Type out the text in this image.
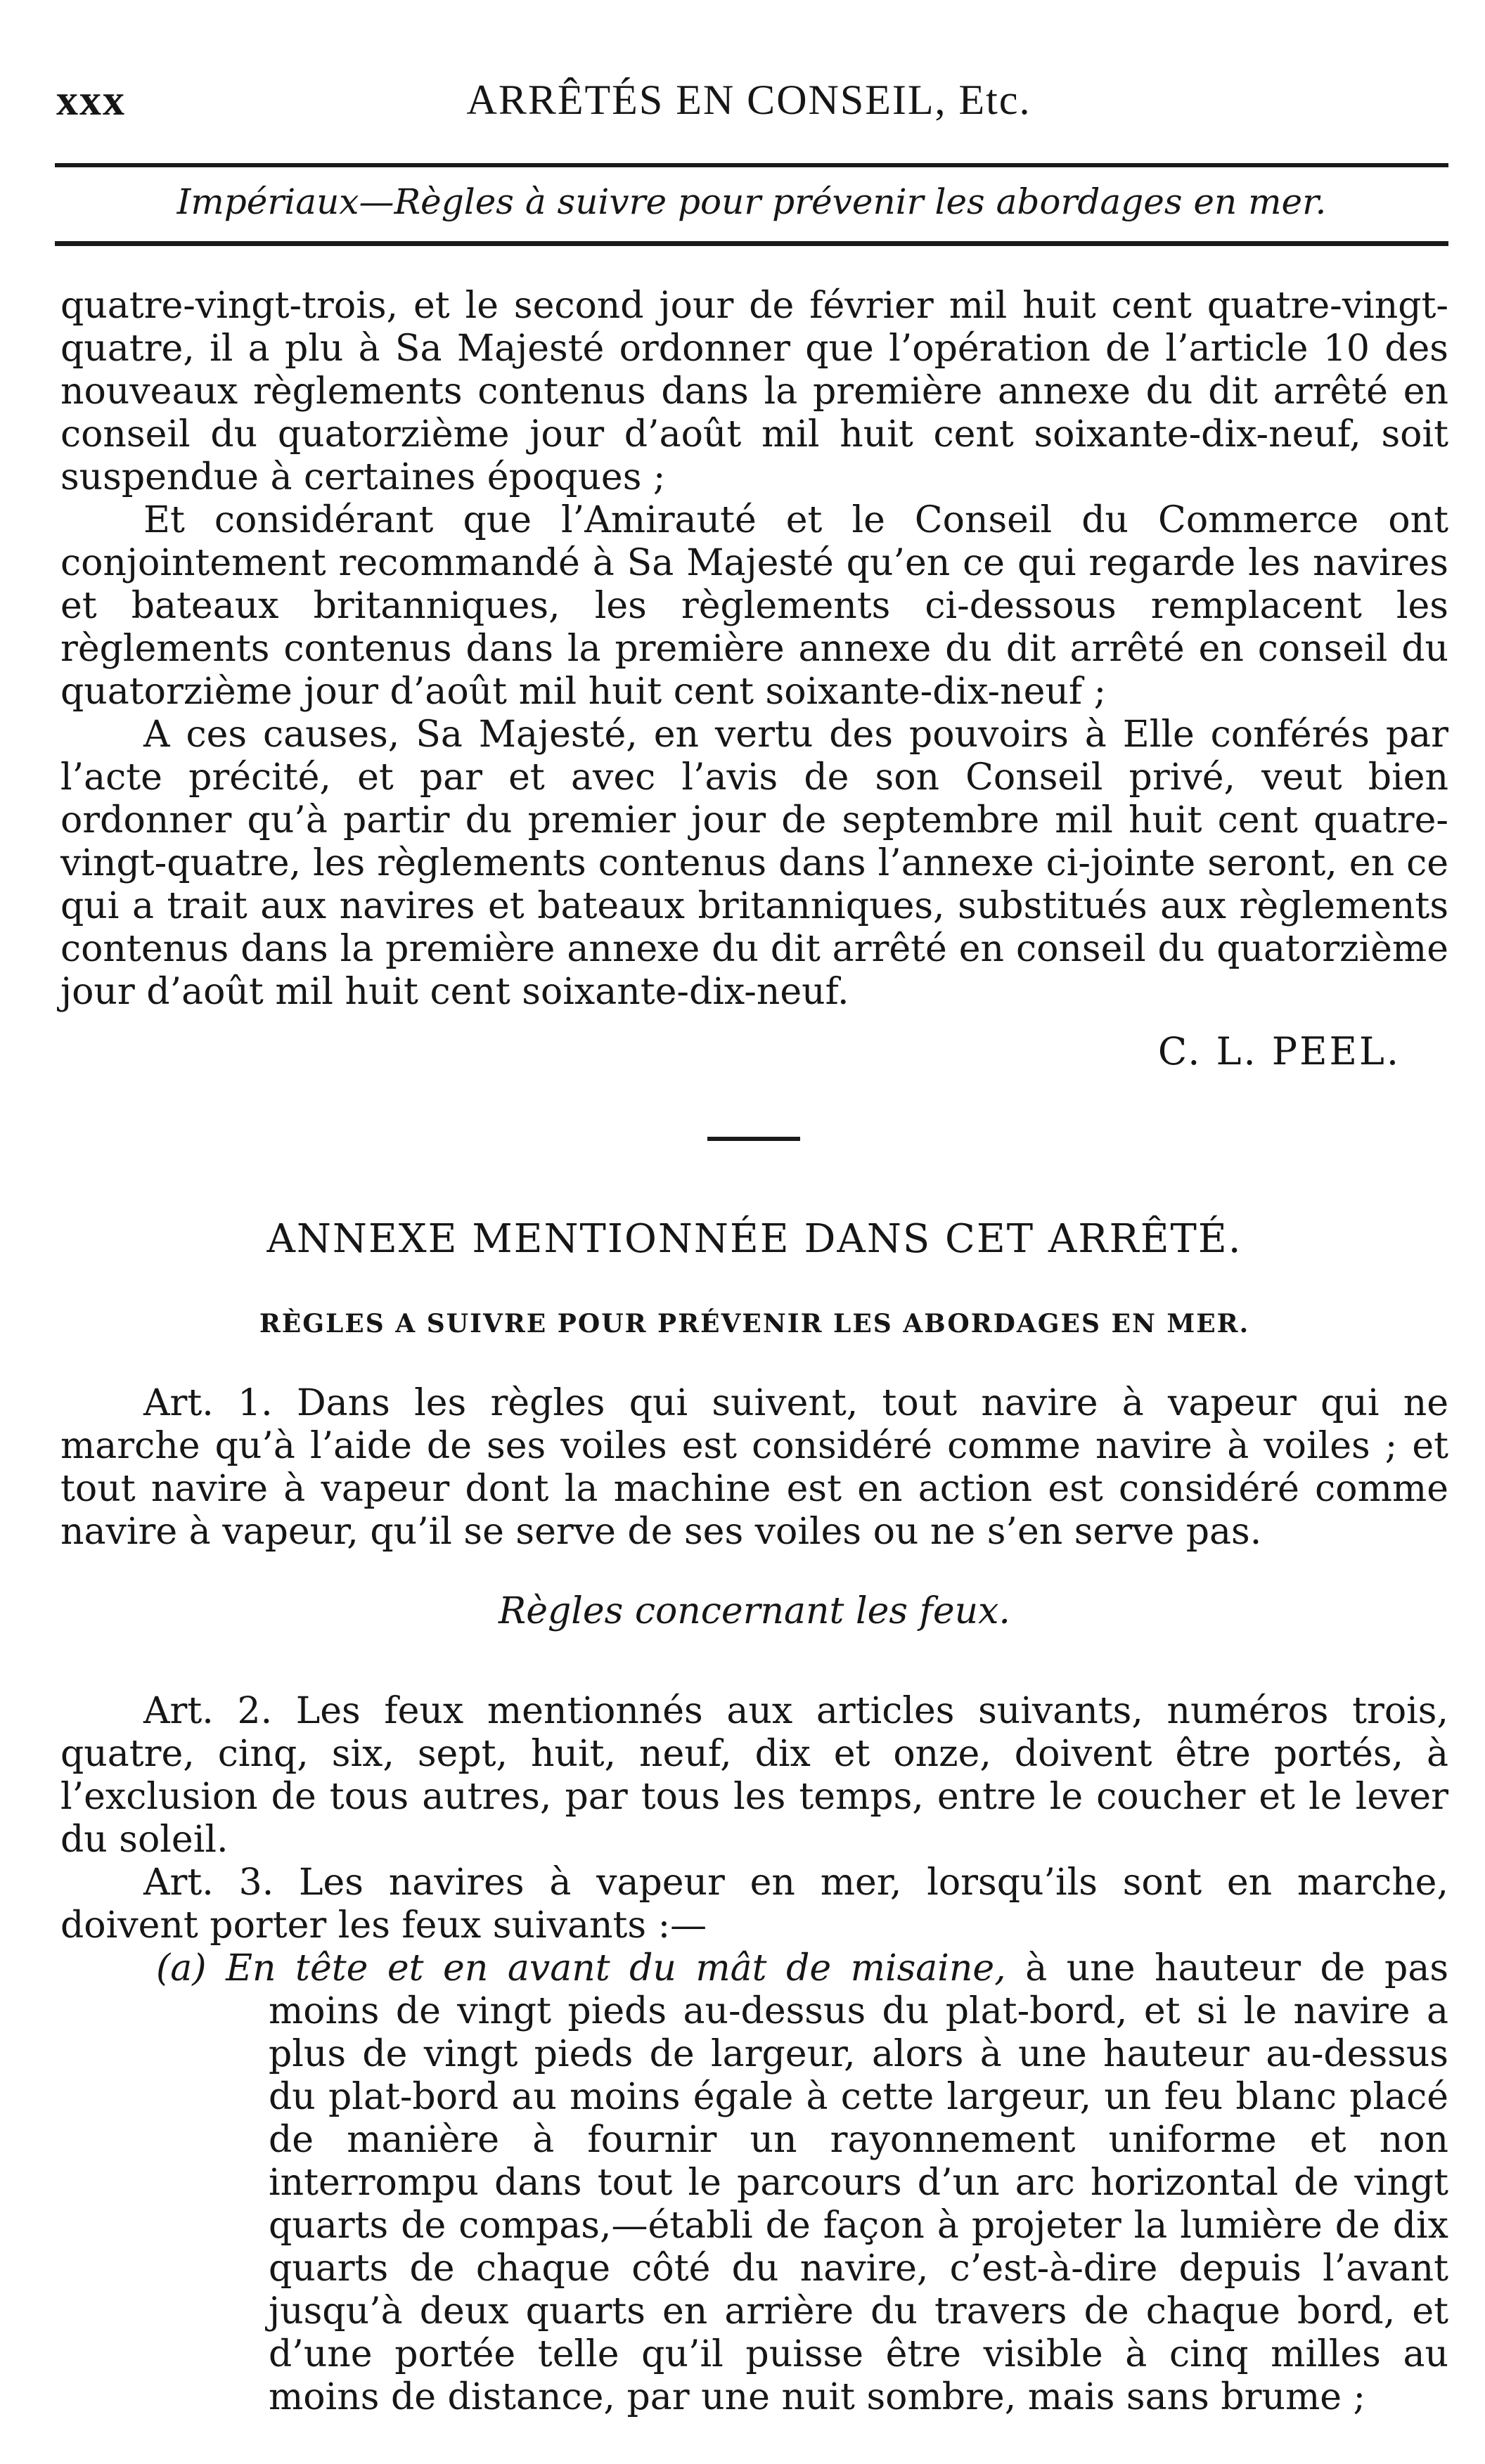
xxx	ARRÊTÉS EN CONSEIL, Etc.
Impériaux—Règles à suivre pour prévenir les abordages en mer.

quatre-vingt-trois, et le second jour de février mil huit cent quatre-vingt-quatre, il a plu à Sa Majesté ordonner que l’opération de l’article 10 des nouveaux règlements contenus dans la première annexe du dit arrêté en conseil du quatorzième jour d’août mil huit cent soixante-dix-neuf, soit suspendue à certaines époques ;

Et considérant que l’Amirauté et le Conseil du Commerce ont conjointement recommandé à Sa Majesté qu’en ce qui regarde les navires et bateaux britanniques, les règlements ci-dessous remplacent les règlements contenus dans la première annexe du dit arrêté en conseil du quatorzième jour d’août mil huit cent soixante-dix-neuf ;

A ces causes, Sa Majesté, en vertu des pouvoirs à Elle conférés par l’acte précité, et par et avec l’avis de son Conseil privé, veut bien ordonner qu’à partir du premier jour de septembre mil huit cent quatre-vingt-quatre, les règlements contenus dans l’annexe ci-jointe seront, en ce qui a trait aux navires et bateaux britanniques, substitués aux règlements contenus dans la première annexe du dit arrêté en conseil du quatorzième jour d’août mil huit cent soixante-dix-neuf.

C. L. PEEL.
ANNEXE MENTIONNÉE DANS CET ARRÊTÉ.
RÈGLES A SUIVRE POUR PRÉVENIR LES ABORDAGES EN MER.

Art. 1. Dans les règles qui suivent, tout navire à vapeur qui ne marche qu’à l’aide de ses voiles est considéré comme navire à voiles ; et tout navire à vapeur dont la machine est en action est considéré comme navire à vapeur, qu’il se serve de ses voiles ou ne s’en serve pas.

Règles concernant les feux.

Art. 2. Les feux mentionnés aux articles suivants, numéros trois, quatre, cinq, six, sept, huit, neuf, dix et onze, doivent être portés, à l’exclusion de tous autres, par tous les temps, entre le coucher et le lever du soleil.

Art. 3. Les navires à vapeur en mer, lorsqu’ils sont en marche, doivent porter les feux suivants :—

(a) En tête et en avant du mât de misaine, à une hauteur de pas moins de vingt pieds au-dessus du plat-bord, et si le navire a plus de vingt pieds de largeur, alors à une hauteur au-dessus du plat-bord au moins égale à cette largeur, un feu blanc placé de manière à fournir un rayonnement uniforme et non interrompu dans tout le parcours d’un arc horizontal de vingt quarts de compas,—établi de façon à projeter la lumière de dix quarts de chaque côté du navire, c’est-à-dire depuis l’avant jusqu’à deux quarts en arrière du travers de chaque bord, et d’une portée telle qu’il puisse être visible à cinq milles au moins de distance, par une nuit sombre, mais sans brume ;
